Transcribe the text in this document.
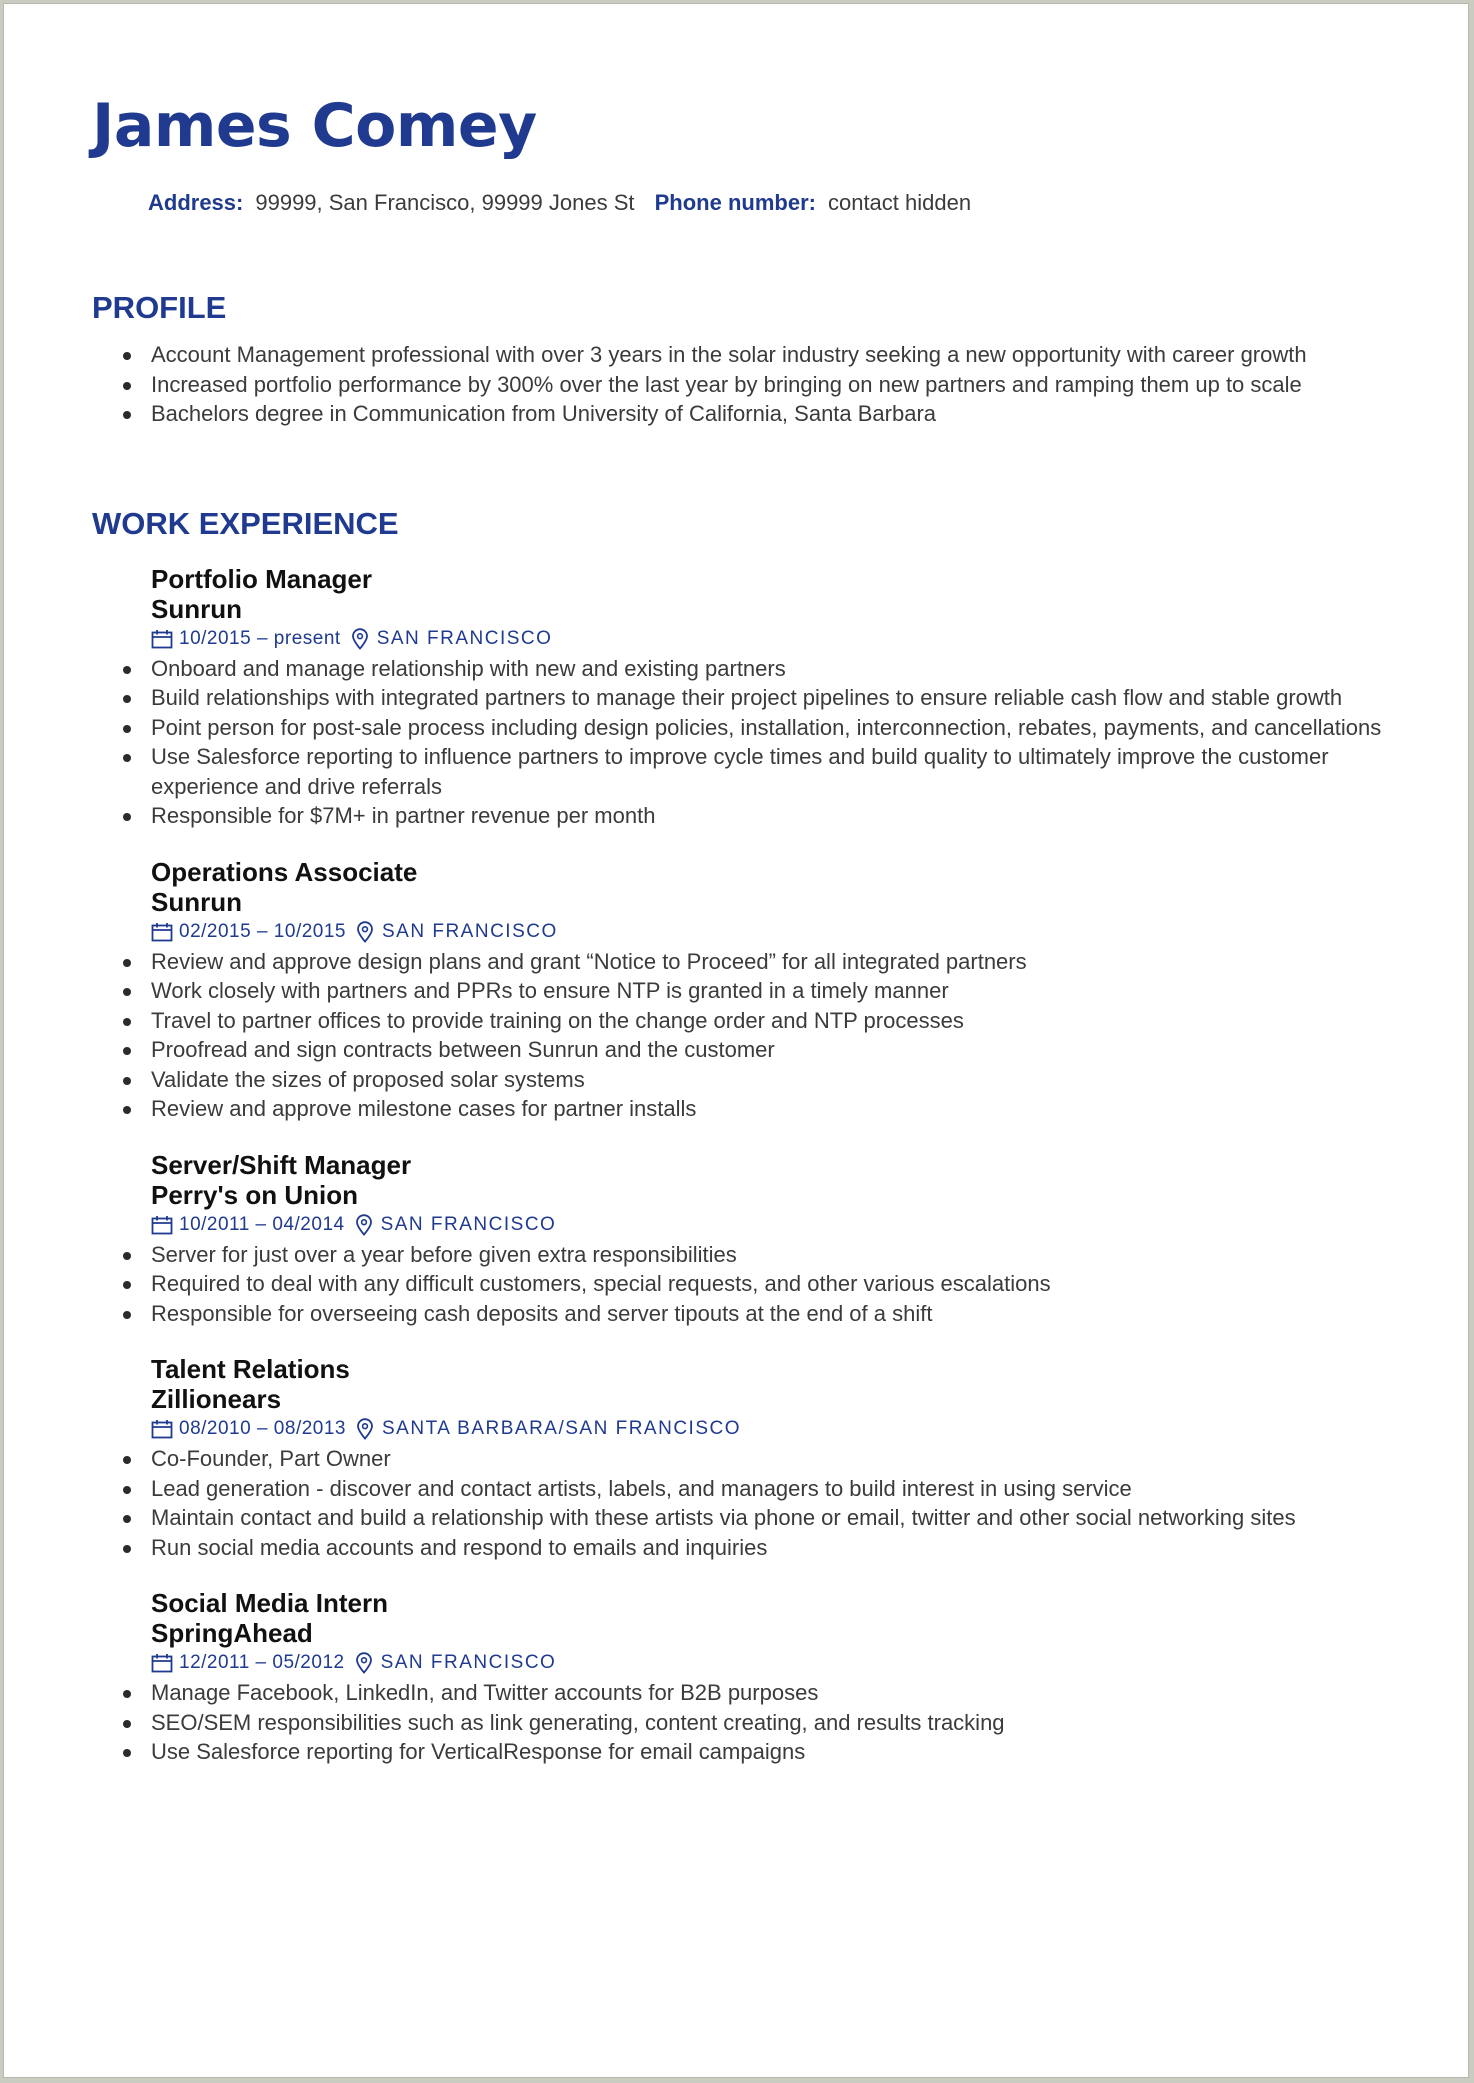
James Comey
Address: 99999, San Francisco, 99999 Jones St Phone number: contact hidden
PROFILE
Account Management professional with over 3 years in the solar industry seeking a new opportunity with career growth
Increased portfolio performance by 300% over the last year by bringing on new partners and ramping them up to scale
Bachelors degree in Communication from University of California, Santa Barbara
WORK EXPERIENCE
Portfolio Manager
Sunrun
10/2015 – present SAN FRANCISCO
Onboard and manage relationship with new and existing partners
Build relationships with integrated partners to manage their project pipelines to ensure reliable cash flow and stable growth
Point person for post-sale process including design policies, installation, interconnection, rebates, payments, and cancellations
Use Salesforce reporting to influence partners to improve cycle times and build quality to ultimately improve the customer experience and drive referrals
Responsible for $7M+ in partner revenue per month
Operations Associate
Sunrun
02/2015 – 10/2015 SAN FRANCISCO
Review and approve design plans and grant “Notice to Proceed” for all integrated partners
Work closely with partners and PPRs to ensure NTP is granted in a timely manner
Travel to partner offices to provide training on the change order and NTP processes
Proofread and sign contracts between Sunrun and the customer
Validate the sizes of proposed solar systems
Review and approve milestone cases for partner installs
Server/Shift Manager
Perry's on Union
10/2011 – 04/2014 SAN FRANCISCO
Server for just over a year before given extra responsibilities
Required to deal with any difficult customers, special requests, and other various escalations
Responsible for overseeing cash deposits and server tipouts at the end of a shift
Talent Relations
Zillionears
08/2010 – 08/2013 SANTA BARBARA/SAN FRANCISCO
Co-Founder, Part Owner
Lead generation - discover and contact artists, labels, and managers to build interest in using service
Maintain contact and build a relationship with these artists via phone or email, twitter and other social networking sites
Run social media accounts and respond to emails and inquiries
Social Media Intern
SpringAhead
12/2011 – 05/2012 SAN FRANCISCO
Manage Facebook, LinkedIn, and Twitter accounts for B2B purposes
SEO/SEM responsibilities such as link generating, content creating, and results tracking
Use Salesforce reporting for VerticalResponse for email campaigns
